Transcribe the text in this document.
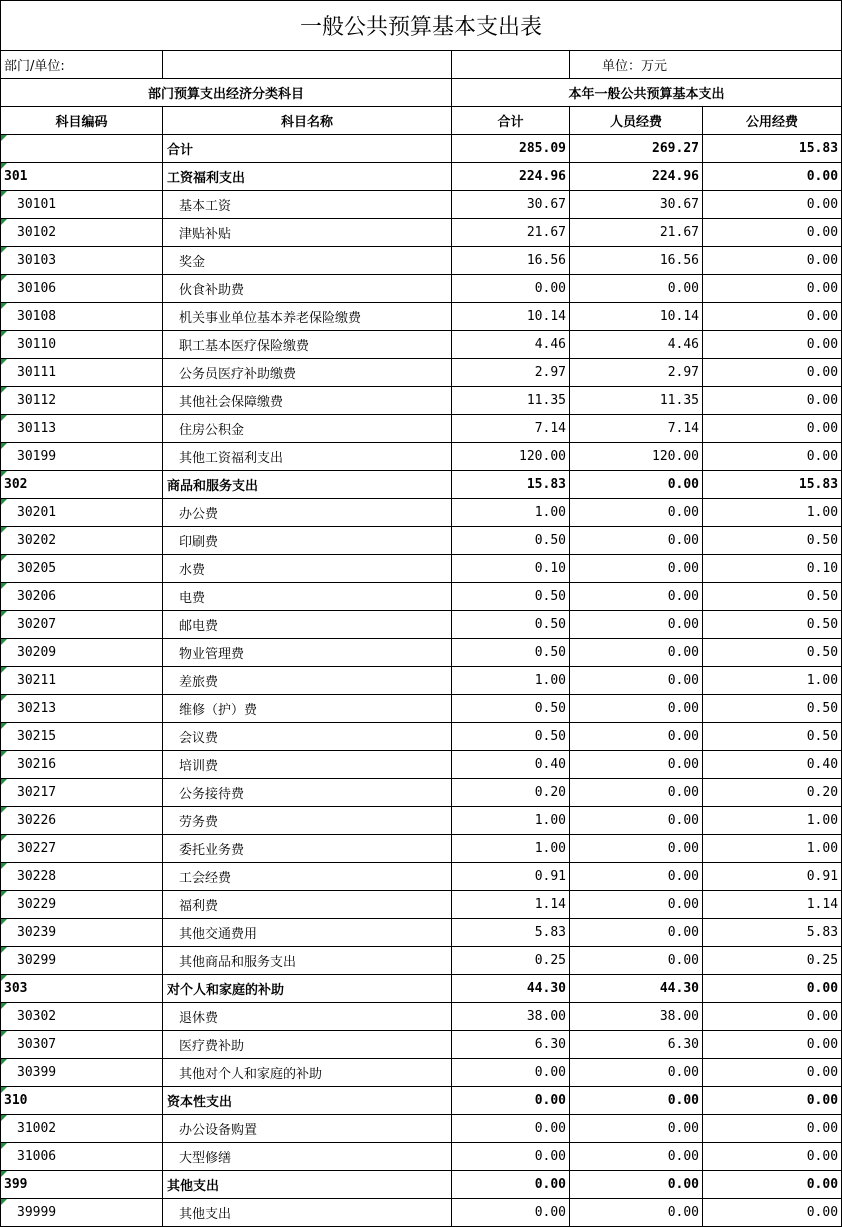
一般公共预算基本支出表				
部门/单位:			单位：万元	
部门预算支出经济分类科目		本年一般公共预算基本支出		
科目编码	科目名称	合计	人员经费	公用经费

	合计	285.09	269.27	15.83

301	工资福利支出	224.96	224.96	0.00

30101	基本工资	30.67	30.67	0.00

30102	津贴补贴	21.67	21.67	0.00

30103	奖金	16.56	16.56	0.00

30106	伙食补助费	0.00	0.00	0.00

30108	机关事业单位基本养老保险缴费	10.14	10.14	0.00

30110	职工基本医疗保险缴费	4.46	4.46	0.00

30111	公务员医疗补助缴费	2.97	2.97	0.00

30112	其他社会保障缴费	11.35	11.35	0.00

30113	住房公积金	7.14	7.14	0.00

30199	其他工资福利支出	120.00	120.00	0.00

302	商品和服务支出	15.83	0.00	15.83

30201	办公费	1.00	0.00	1.00

30202	印刷费	0.50	0.00	0.50

30205	水费	0.10	0.00	0.10

30206	电费	0.50	0.00	0.50

30207	邮电费	0.50	0.00	0.50

30209	物业管理费	0.50	0.00	0.50

30211	差旅费	1.00	0.00	1.00

30213	维修（护）费	0.50	0.00	0.50

30215	会议费	0.50	0.00	0.50

30216	培训费	0.40	0.00	0.40

30217	公务接待费	0.20	0.00	0.20

30226	劳务费	1.00	0.00	1.00

30227	委托业务费	1.00	0.00	1.00

30228	工会经费	0.91	0.00	0.91

30229	福利费	1.14	0.00	1.14

30239	其他交通费用	5.83	0.00	5.83

30299	其他商品和服务支出	0.25	0.00	0.25

303	对个人和家庭的补助	44.30	44.30	0.00

30302	退休费	38.00	38.00	0.00

30307	医疗费补助	6.30	6.30	0.00

30399	其他对个人和家庭的补助	0.00	0.00	0.00

310	资本性支出	0.00	0.00	0.00

31002	办公设备购置	0.00	0.00	0.00

31006	大型修缮	0.00	0.00	0.00

399	其他支出	0.00	0.00	0.00

39999	其他支出	0.00	0.00	0.00
